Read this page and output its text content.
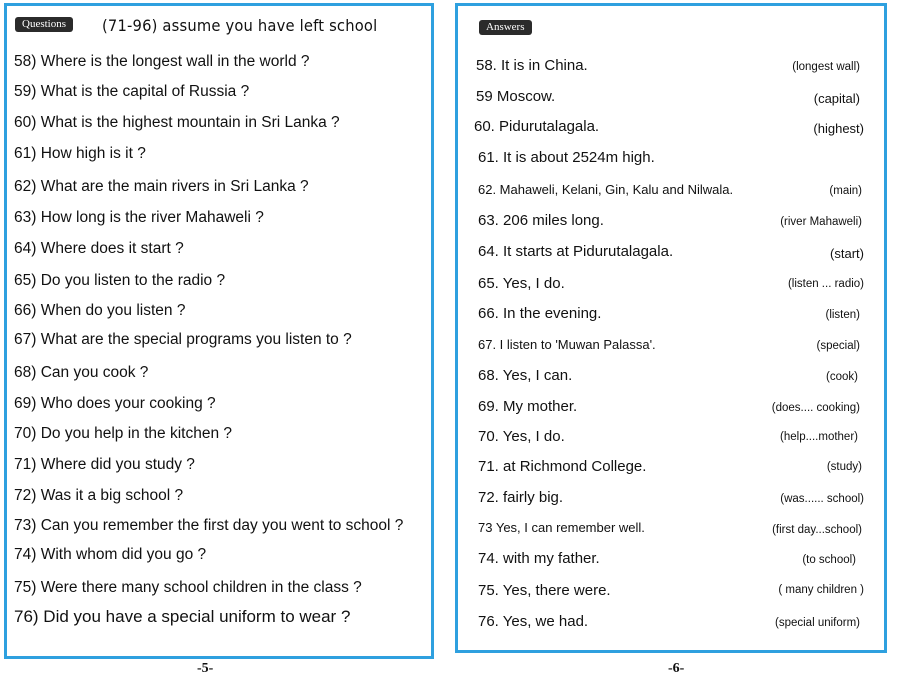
Questions	(71-96) assume you have left school
58) Where is the longest wall in the world ?
59) What is the capital of Russia ?
60) What is the highest mountain in Sri Lanka ?
61) How high is it ?
62) What are the main rivers in Sri Lanka ?
63) How long is the river Mahaweli ?
64) Where does it start ?
65) Do you listen to the radio ?
66) When do you listen ?
67) What are the special programs you listen to ?
68) Can you cook ?
69) Who does your cooking ?
70) Do you help in the kitchen ?
71) Where did you study ?
72) Was it a big school ?
73) Can you remember the first day you went to school ?
74) With whom did you go ?
75) Were there many school children in the class ?
76) Did you have a special uniform to wear ?
Answers
58. It is in China.
59 Moscow.
60. Pidurutalagala.
61. It is about 2524m high.
62. Mahaweli, Kelani, Gin, Kalu and Nilwala.
63. 206 miles long.
64. It starts at Pidurutalagala.
65. Yes, I do.
66. In the evening.
67. I listen to 'Muwan Palassa'.
68. Yes, I can.
69. My mother.
70. Yes, I do.
71. at Richmond College.
72. fairly big.
73 Yes, I can remember well.
74. with my father.
75. Yes, there were.
76. Yes, we had.
(longest wall)
(capital)
(highest)
(main)
(river Mahaweli)
(start)
(listen ... radio)
(listen)
(special)
(cook)
(does.... cooking)
(help....mother)
(study)
(was...... school)
(first day...school)
(to school)
( many children )
(special uniform)
-5-	-6-
